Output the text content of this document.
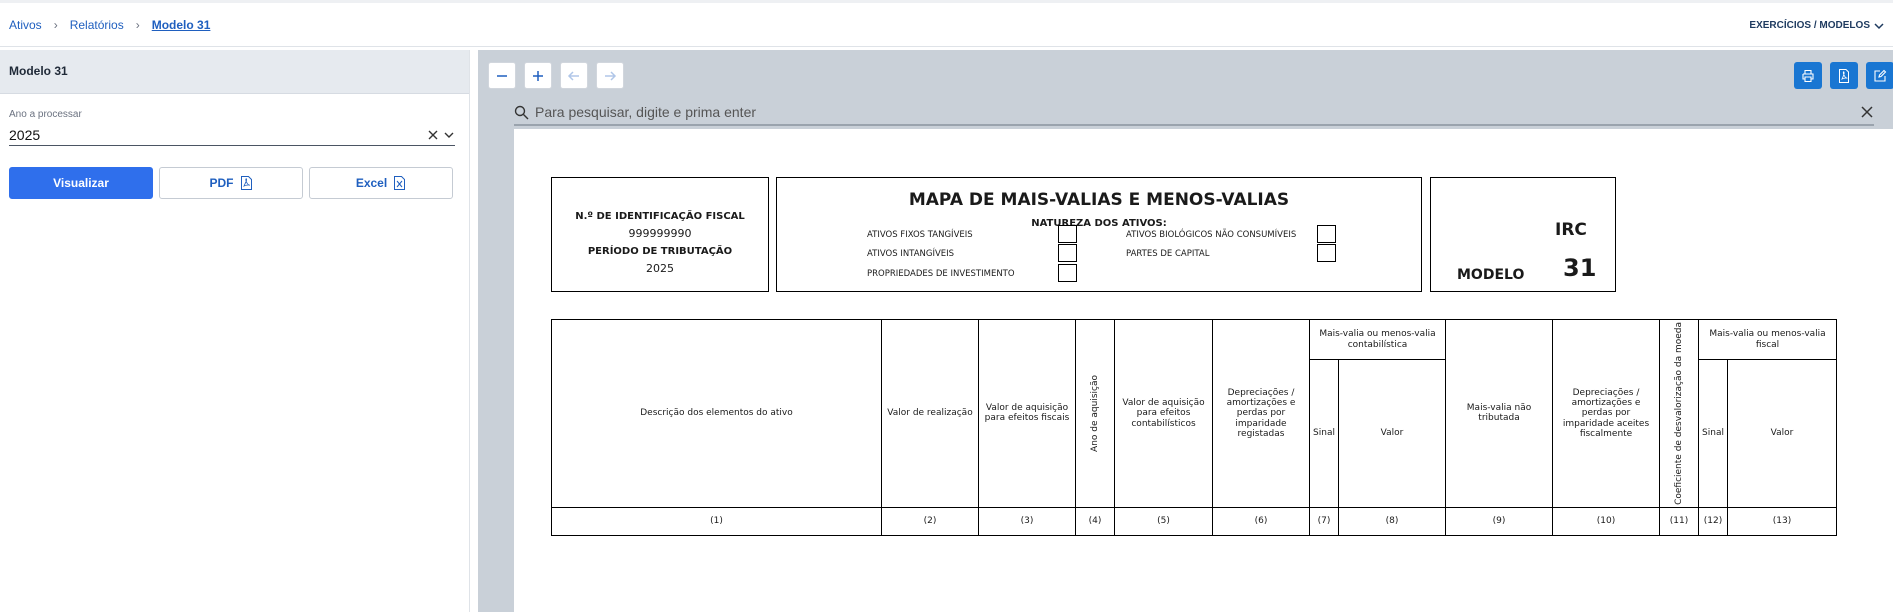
Ativos › Relatórios › Modelo 31	EXERCÍCIOS / MODELOS
Modelo 31
Ano a processar
2025
Visualizar	PDF	Excel
Para pesquisar, digite e prima enter
N.º DE IDENTIFICAÇÃO FISCAL
999999990
PERÍODO DE TRIBUTAÇÃO
2025
MAPA DE MAIS-VALIAS E MENOS-VALIAS
NATUREZA DOS ATIVOS:
ATIVOS FIXOS TANGÍVEIS
ATIVOS INTANGÍVEIS
PROPRIEDADES DE INVESTIMENTO
ATIVOS BIOLÓGICOS NÃO CONSUMÍVEIS
PARTES DE CAPITAL
IRC
MODELO 31
Descrição dos elementos do ativo	Valor de realização	Valor de aquisição para efeitos fiscais	Ano de aquisição	Valor de aquisição para efeitos contabilísticos	Depreciações / amortizações e perdas por imparidade registadas	Mais-valia ou menos-valia contabilística		Mais-valia não tributada	Depreciações / amortizações e perdas por imparidade aceites fiscalmente	Coeficiente de desvalorização da moeda	Mais-valia ou menos-valia fiscal	
						Sinal	Valor				Sinal	Valor
(1)	(2)	(3)	(4)	(5)	(6)	(7)	(8)	(9)	(10)	(11)	(12)	(13)
